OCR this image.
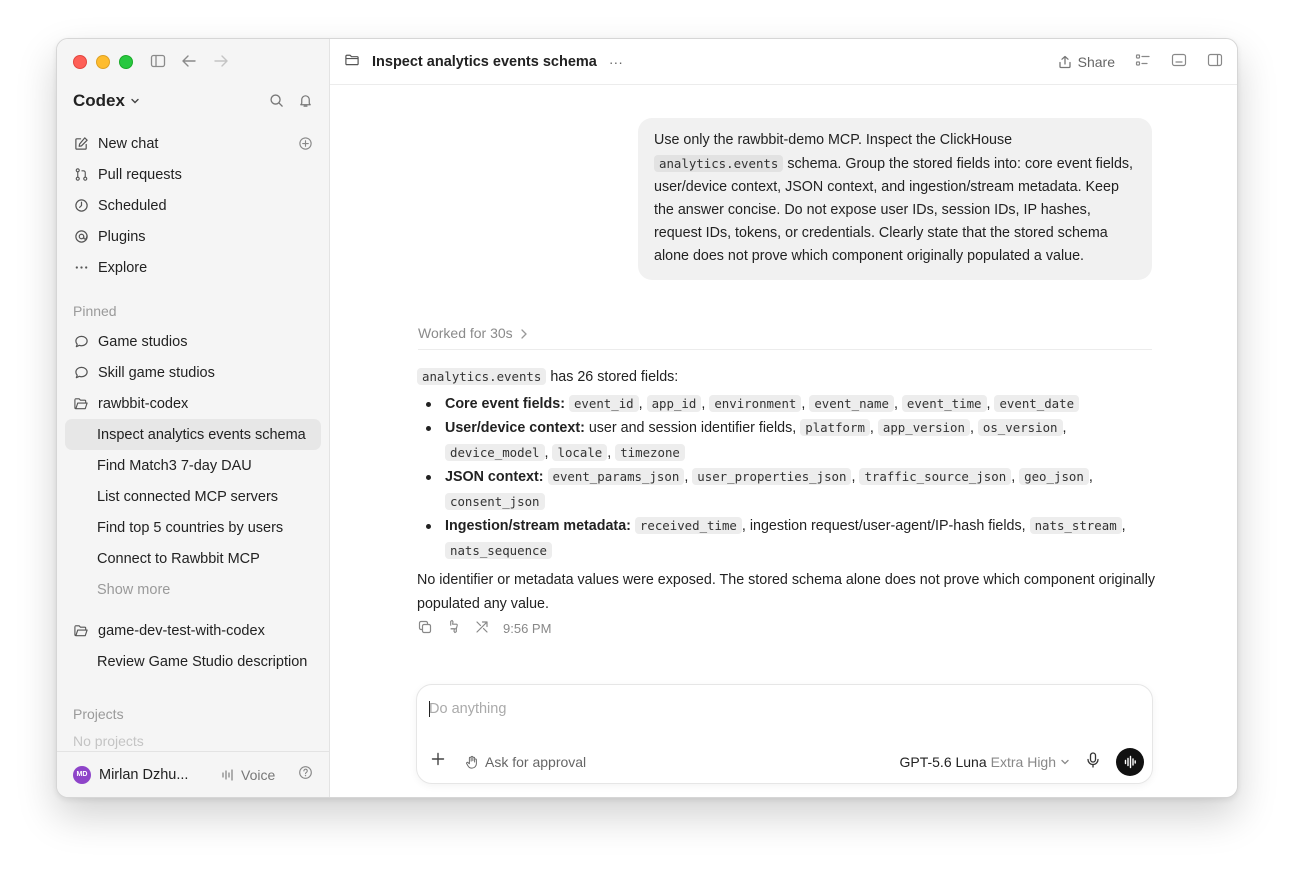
Codex
New chat
Pull requests
Scheduled
Plugins
Explore
Pinned
Game studios
Skill game studios
rawbbit-codex
Inspect analytics events schema
Find Match3 7-day DAU
List connected MCP servers
Find top 5 countries by users
Connect to Rawbbit MCP
Show more
game-dev-test-with-codex
Review Game Studio description
Projects
No projects
MD Mirlan Dzhu...	Voice
Inspect analytics events schema ···	Share
Use only the rawbbit-demo MCP. Inspect the ClickHouse analytics.events schema. Group the stored fields into: core event fields, user/device context, JSON context, and ingestion/stream metadata. Keep the answer concise. Do not expose user IDs, session IDs, IP hashes, request IDs, tokens, or credentials. Clearly state that the stored schema alone does not prove which component originally populated a value.
Worked for 30s

analytics.events has 26 stored fields:

Core event fields: event_id , app_id , environment , event_name , event_time , event_date
User/device context: user and session identifier fields, platform , app_version , os_version , device_model , locale , timezone
JSON context: event_params_json , user_properties_json , traffic_source_json , geo_json , consent_json
Ingestion/stream metadata: received_time , ingestion request/user-agent/IP-hash fields, nats_stream , nats_sequence

No identifier or metadata values were exposed. The stored schema alone does not prove which component originally populated any value.

9:56 PM
Do anything
Ask for approval	GPT-5.6 Luna Extra High
